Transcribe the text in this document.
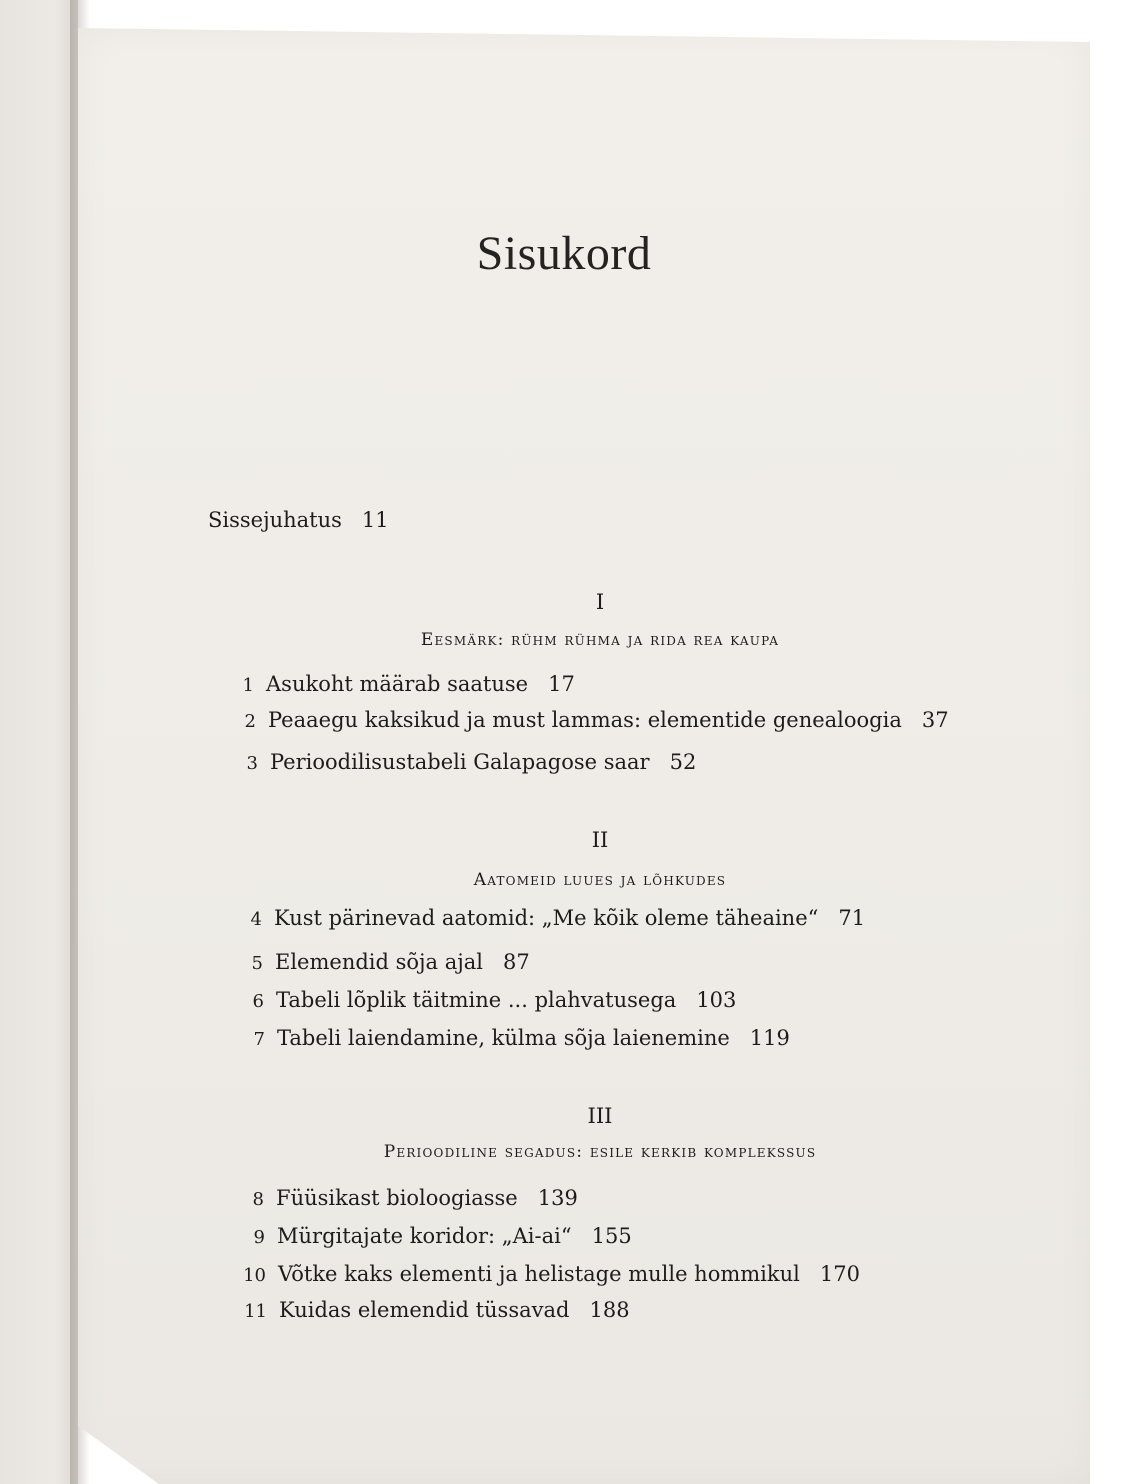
Sisukord
Sissejuhatus 11
I
Eesmärk: rühm rühma ja rida rea kaupa
1 Asukoht määrab saatuse 17
2 Peaaegu kaksikud ja must lammas: elementide genealoogia 37
3 Perioodilisustabeli Galapagose saar 52
II
Aatomeid luues ja lõhkudes
4 Kust pärinevad aatomid: „Me kõik oleme täheaine“ 71
5 Elemendid sõja ajal 87
6 Tabeli lõplik täitmine ... plahvatusega 103
7 Tabeli laiendamine, külma sõja laienemine 119
III
Perioodiline segadus: esile kerkib komplekssus
8 Füüsikast bioloogiasse 139
9 Mürgitajate koridor: „Ai-ai“ 155
10 Võtke kaks elementi ja helistage mulle hommikul 170
11 Kuidas elemendid tüssavad 188
